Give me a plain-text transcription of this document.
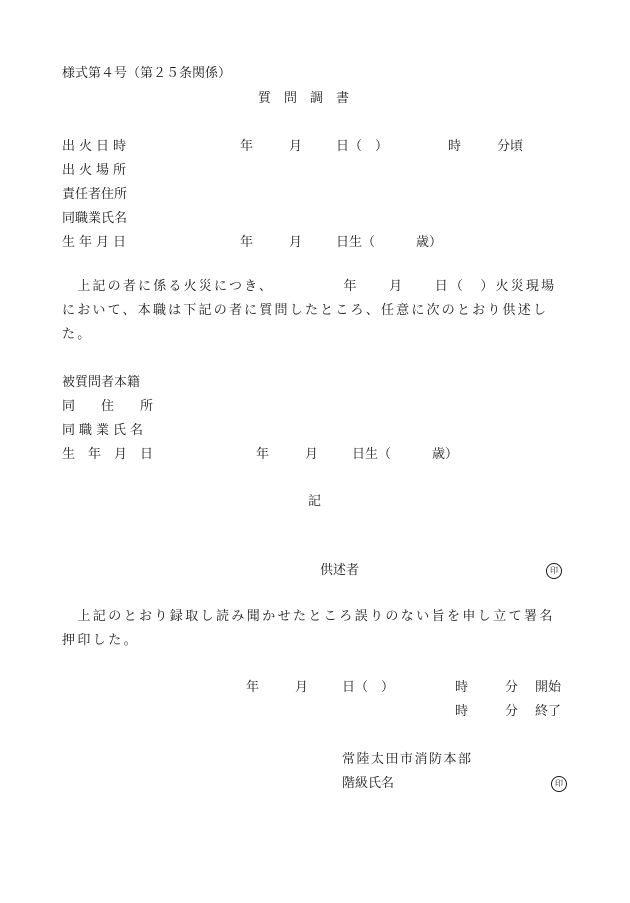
様式第４号（第２５条関係）
質　問　調　書
出火日時	年	月	日（　）	時	分頃
出火場所
責任者住所
同職業氏名
生年月日	年	月	日生（	歳）
　上記の者に係る火災につき、　　　　　年　　月　　日（　）火災現場において、本職は下記の者に質問したところ、任意に次のとおり供述した。
被質問者本籍
同　　住　　所
同職業氏名
生　年　月　日	年	月	日生（	歳）
記
供述者	印
　上記のとおり録取し読み聞かせたところ誤りのない旨を申し立て署名押印した。
年	月	日（　）	時	分 開始
時	分 終了
常陸太田市消防本部
階級氏名	印
